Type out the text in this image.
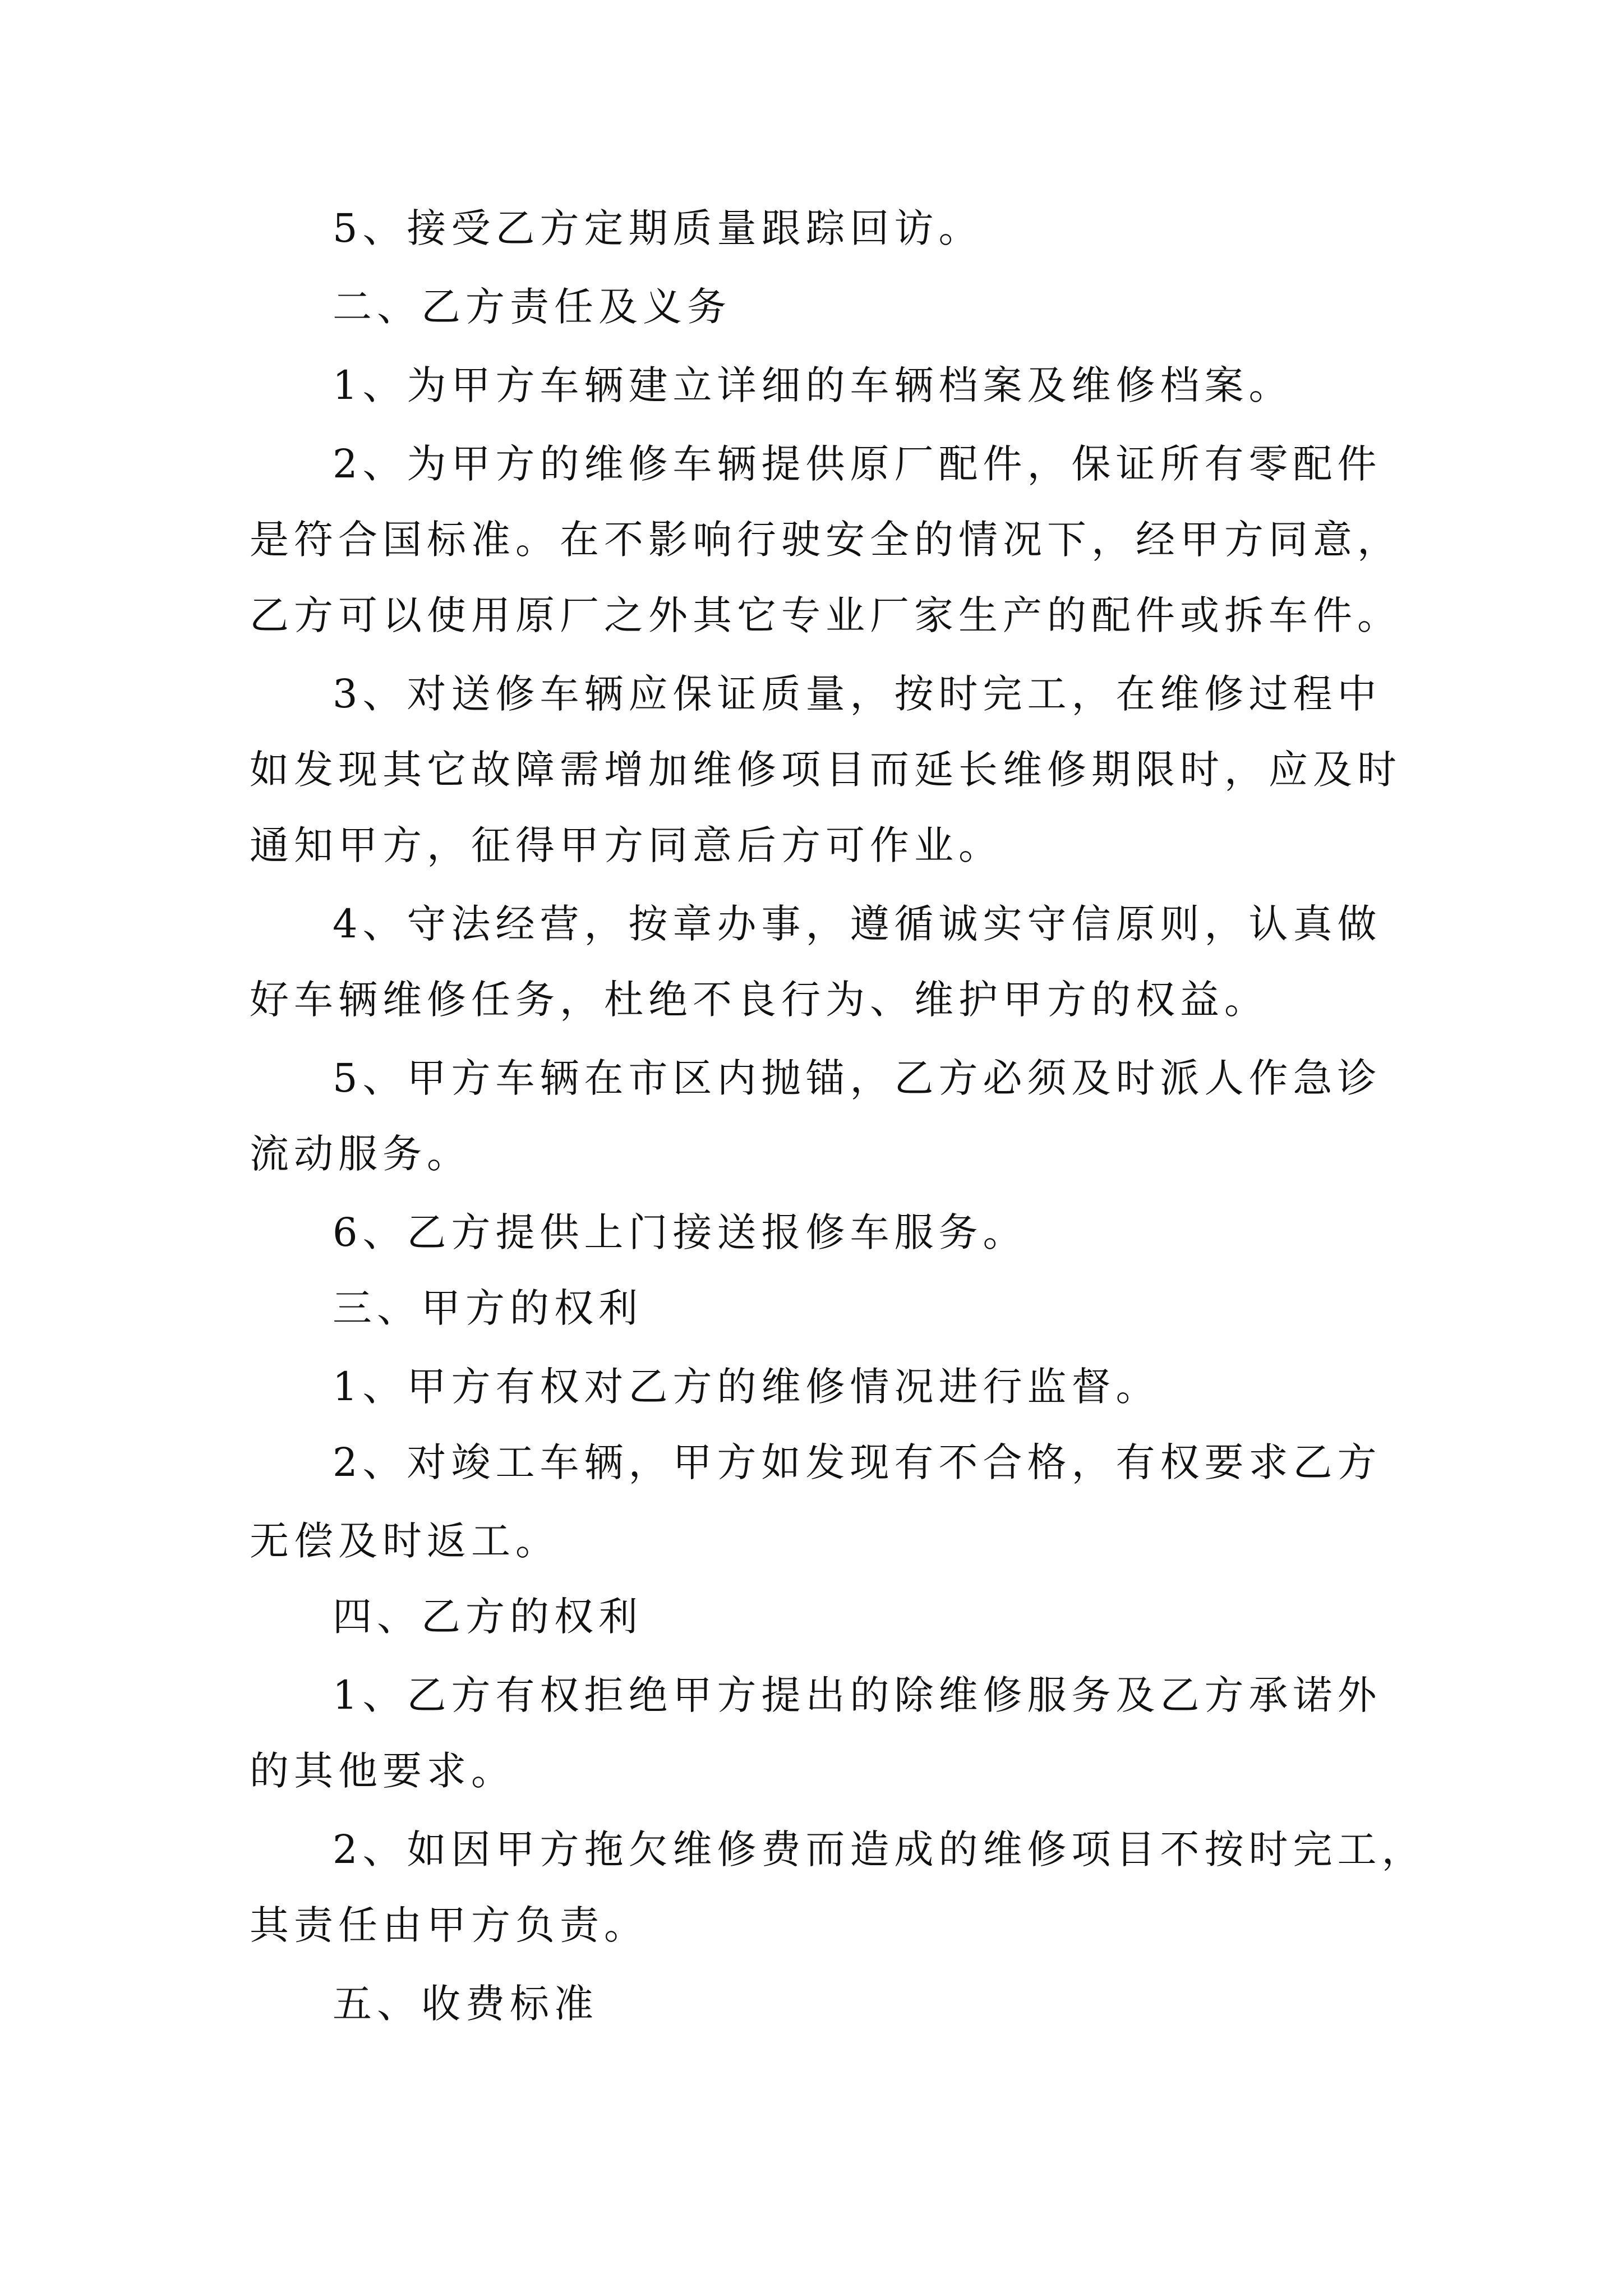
5、接受乙方定期质量跟踪回访。
二、乙方责任及义务
1、为甲方车辆建立详细的车辆档案及维修档案。
2、为甲方的维修车辆提供原厂配件，保证所有零配件
是符合国标准。在不影响行驶安全的情况下，经甲方同意，
乙方可以使用原厂之外其它专业厂家生产的配件或拆车件。
3、对送修车辆应保证质量，按时完工，在维修过程中
如发现其它故障需增加维修项目而延长维修期限时，应及时
通知甲方，征得甲方同意后方可作业。
4、守法经营，按章办事，遵循诚实守信原则，认真做
好车辆维修任务，杜绝不良行为、维护甲方的权益。
5、甲方车辆在市区内抛锚，乙方必须及时派人作急诊
流动服务。
6、乙方提供上门接送报修车服务。
三、甲方的权利
1、甲方有权对乙方的维修情况进行监督。
2、对竣工车辆，甲方如发现有不合格，有权要求乙方
无偿及时返工。
四、乙方的权利
1、乙方有权拒绝甲方提出的除维修服务及乙方承诺外
的其他要求。
2、如因甲方拖欠维修费而造成的维修项目不按时完工，
其责任由甲方负责。
五、收费标准
